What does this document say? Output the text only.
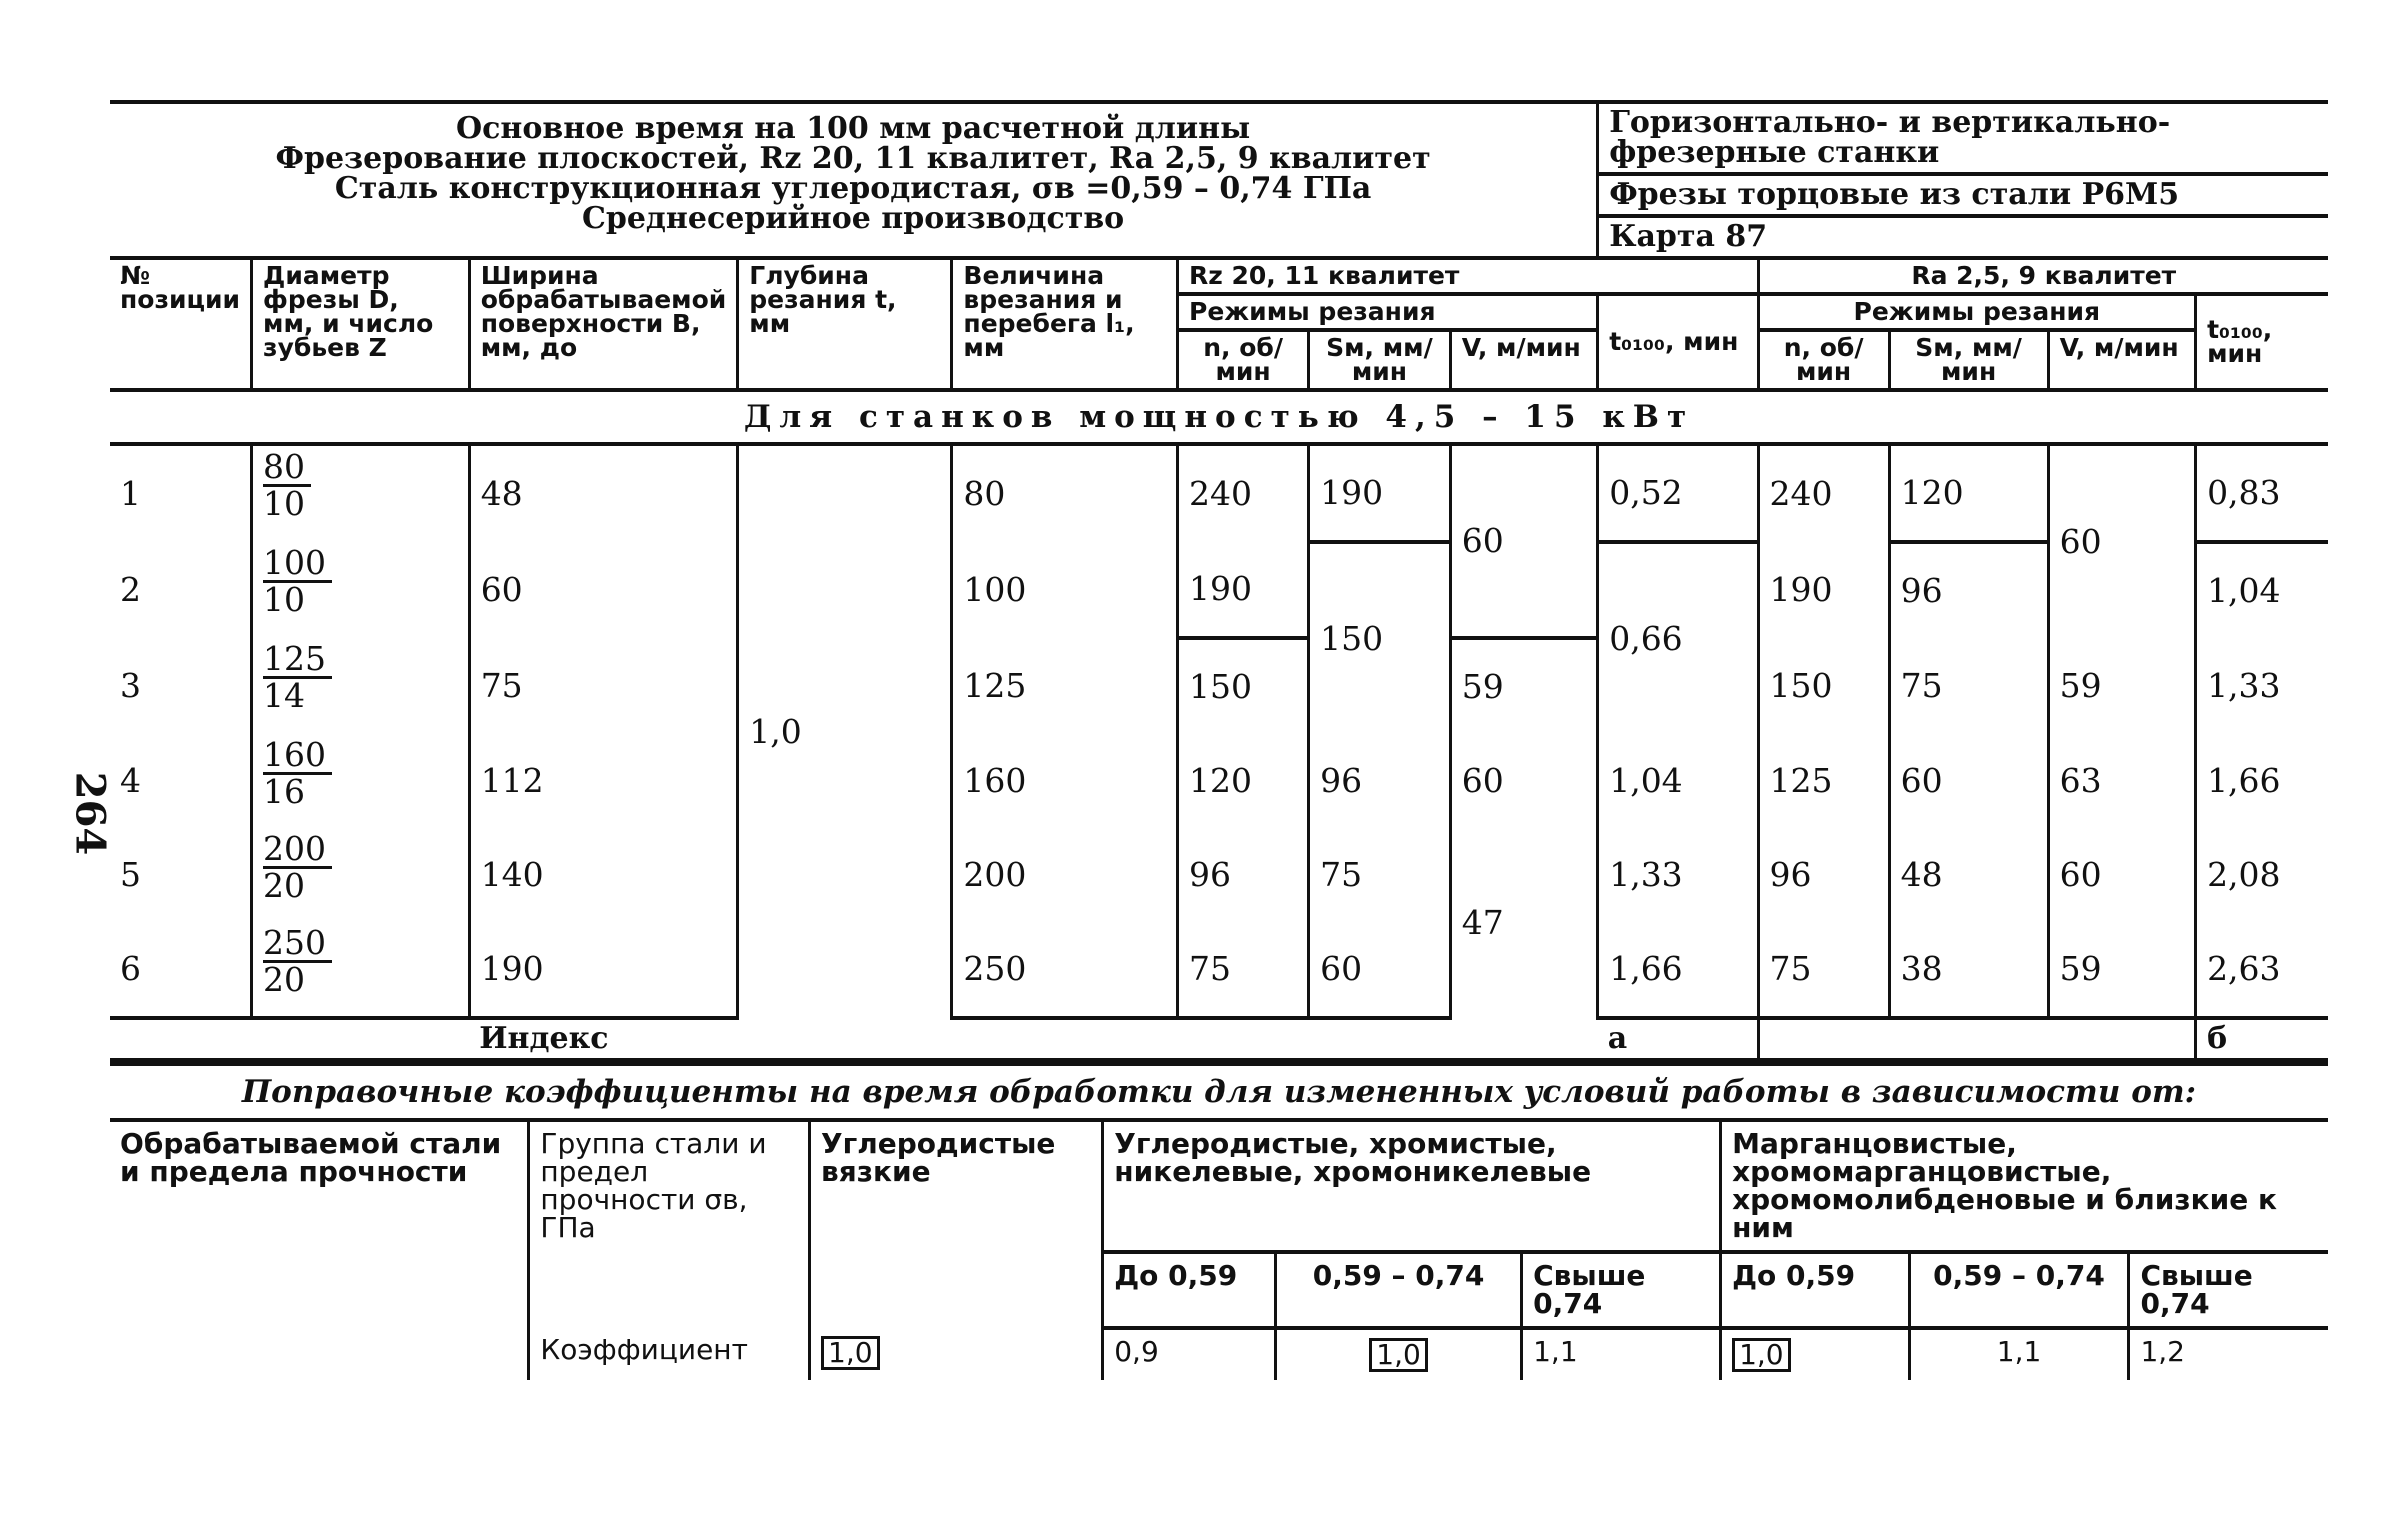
264
Основное время на 100 мм расчетной длины
Фрезерование плоскостей, Rz 20, 11 квалитет, Ra 2,5, 9 квалитет
Сталь конструкционная углеродистая, σв =0,59 – 0,74 ГПа
Среднесерийное производство								Горизонтально- и вертикально-фрезерные станки				
								Фрезы торцовые из стали Р6М5				
								Карта 87				
№ позиции	Диаметр фрезы D, мм, и число зубьев Z	Ширина обрабатываемой поверхности B, мм, до	Глубина резания t, мм	Величина врезания и перебега l₁, мм	Rz 20, 11 квалитет				Ra 2,5, 9 квалитет			
					Режимы резания			t₀₁₀₀, мин	Режимы резания			t₀₁₀₀, мин
					n, об/мин	Sм, мм/мин	V, м/мин		n, об/мин	Sм, мм/мин	V, м/мин	
Для станков мощностью 4,5 – 15 кВт												
1	$\frac{80}{10}$	48	1,0	80	240	190	60	0,52	240	120	60	0,83
2	$\frac{100}{10}$	60		100	190	150		0,66	190	96		1,04
3	$\frac{125}{14}$	75		125	150		59		150	75	59	1,33
4	$\frac{160}{16}$	112		160	120	96	60	1,04	125	60	63	1,66
5	$\frac{200}{20}$	140		200	96	75	47	1,33	96	48	60	2,08
6	$\frac{250}{20}$	190		250	75	60		1,66	75	38	59	2,63
		Индекс						а				б
Поправочные коэффициенты на время обработки для измененных условий работы в зависимости от:
Обрабатываемой стали и предела прочности	Группа стали и предел прочности σв, ГПа	Углеродистые вязкие	Углеродистые, хромистые, никелевые, хромоникелевые			Марганцовистые, хромомарганцовистые, хромомолибденовые и близкие к ним		
			До 0,59	0,59 – 0,74	Свыше 0,74	До 0,59	0,59 – 0,74	Свыше 0,74
	Коэффициент	1,0	0,9	1,0	1,1	1,0	1,1	1,2
